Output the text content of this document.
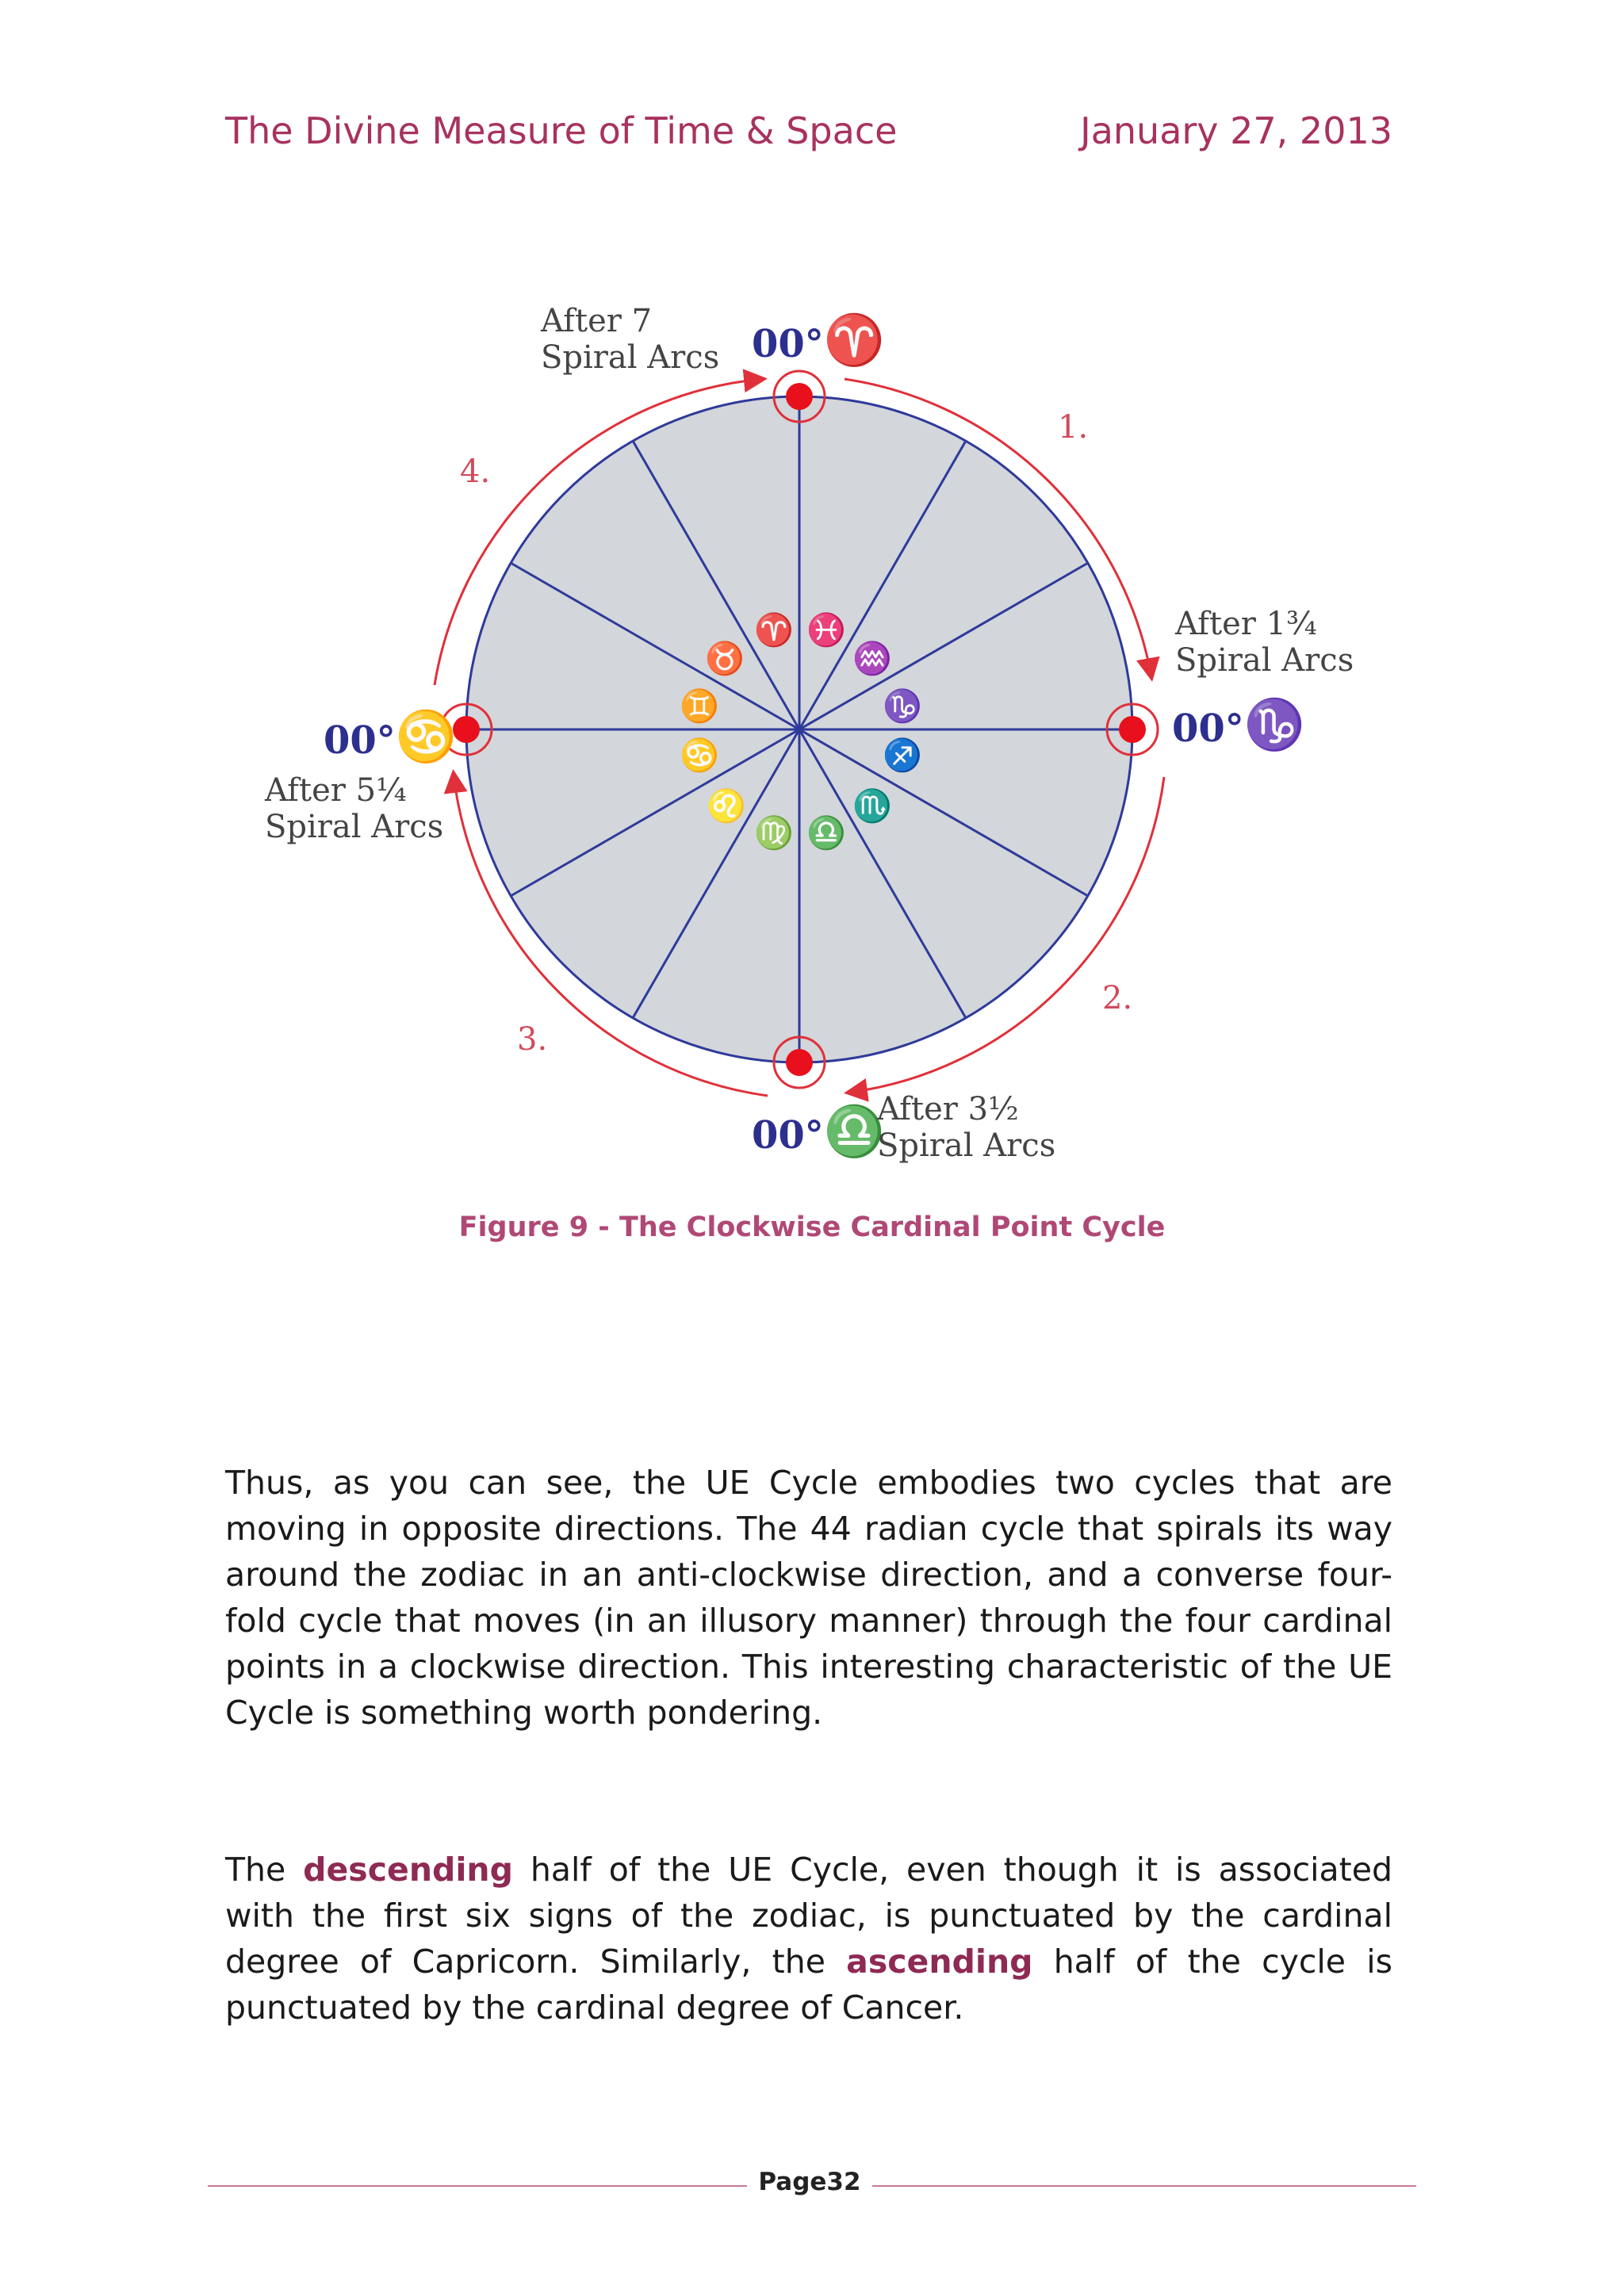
The Divine Measure of Time & Space	January 27, 2013
♈ ♓
♒
♑
♐
♏
♎
♍
♌
♋
♊
♉
00°♈
00°♑
00°♎
00°♋
After 7
Spiral Arcs
After 1¾
Spiral Arcs
After 3½
Spiral Arcs
After 5¼
Spiral Arcs
1.
2.
3.
4.
Figure 9 - The Clockwise Cardinal Point Cycle

Thus, as you can see, the UE Cycle embodies two cycles that are moving in opposite directions. The 44 radian cycle that spirals its way around the zodiac in an anti-clockwise direction, and a converse four-fold cycle that moves (in an illusory manner) through the four cardinal points in a clockwise direction. This interesting characteristic of the UE Cycle is something worth pondering.

The descending half of the UE Cycle, even though it is associated with the first six signs of the zodiac, is punctuated by the cardinal degree of Capricorn. Similarly, the ascending half of the cycle is punctuated by the cardinal degree of Cancer.

Page32
